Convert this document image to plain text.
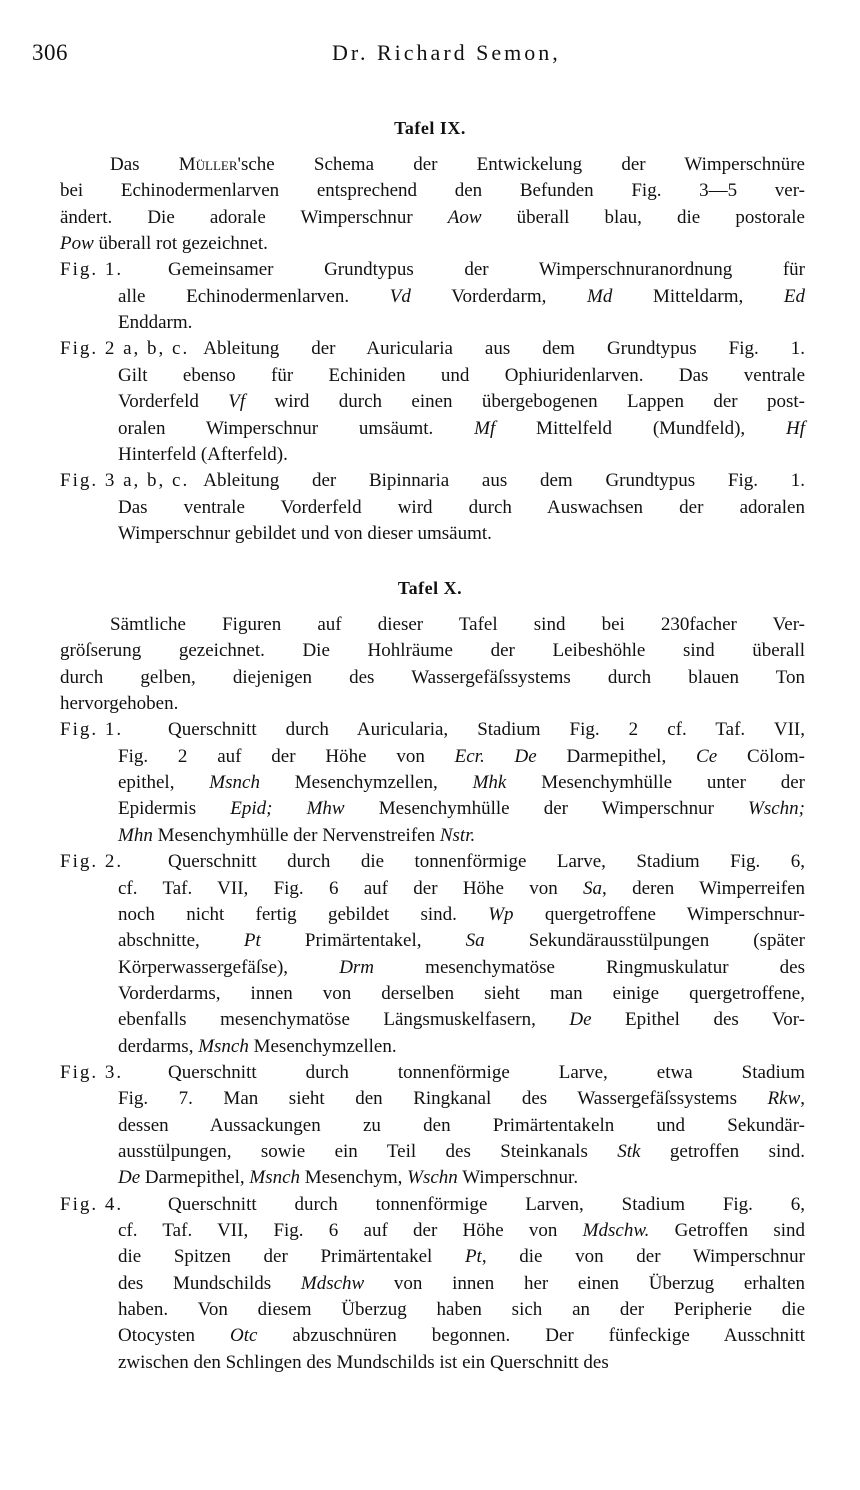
306	Dr. Richard Semon,
Tafel IX.
Das Müller'sche Schema der Entwickelung der Wimperschnüre
bei Echinodermenlarven entsprechend den Befunden Fig. 3—5 ver-
ändert. Die adorale Wimperschnur Aow überall blau, die postorale
Pow überall rot gezeichnet.
Fig. 1. Gemeinsamer Grundtypus der Wimperschnuranordnung für
alle Echinodermenlarven. Vd Vorderdarm, Md Mitteldarm, Ed
Enddarm.
Fig. 2 a, b, c. Ableitung der Auricularia aus dem Grundtypus Fig. 1.
Gilt ebenso für Echiniden und Ophiuridenlarven. Das ventrale
Vorderfeld Vf wird durch einen übergebogenen Lappen der post-
oralen Wimperschnur umsäumt. Mf Mittelfeld (Mundfeld), Hf
Hinterfeld (Afterfeld).
Fig. 3 a, b, c. Ableitung der Bipinnaria aus dem Grundtypus Fig. 1.
Das ventrale Vorderfeld wird durch Auswachsen der adoralen
Wimperschnur gebildet und von dieser umsäumt.
Tafel X.
Sämtliche Figuren auf dieser Tafel sind bei 230facher Ver-
gröſserung gezeichnet. Die Hohlräume der Leibeshöhle sind überall
durch gelben, diejenigen des Wassergefäſssystems durch blauen Ton
hervorgehoben.
Fig. 1. Querschnitt durch Auricularia, Stadium Fig. 2 cf. Taf. VII,
Fig. 2 auf der Höhe von Ecr. De Darmepithel, Ce Cölom-
epithel, Msnch Mesenchymzellen, Mhk Mesenchymhülle unter der
Epidermis Epid; Mhw Mesenchymhülle der Wimperschnur Wschn;
Mhn Mesenchymhülle der Nervenstreifen Nstr.
Fig. 2. Querschnitt durch die tonnenförmige Larve, Stadium Fig. 6,
cf. Taf. VII, Fig. 6 auf der Höhe von Sa, deren Wimperreifen
noch nicht fertig gebildet sind. Wp quergetroffene Wimperschnur-
abschnitte, Pt Primärtentakel, Sa Sekundärausstülpungen (später
Körperwassergefäſse), Drm mesenchymatöse Ringmuskulatur des
Vorderdarms, innen von derselben sieht man einige quergetroffene,
ebenfalls mesenchymatöse Längsmuskelfasern, De Epithel des Vor-
derdarms, Msnch Mesenchymzellen.
Fig. 3. Querschnitt durch tonnenförmige Larve, etwa Stadium
Fig. 7. Man sieht den Ringkanal des Wassergefäſssystems Rkw,
dessen Aussackungen zu den Primärtentakeln und Sekundär-
ausstülpungen, sowie ein Teil des Steinkanals Stk getroffen sind.
De Darmepithel, Msnch Mesenchym, Wschn Wimperschnur.
Fig. 4. Querschnitt durch tonnenförmige Larven, Stadium Fig. 6,
cf. Taf. VII, Fig. 6 auf der Höhe von Mdschw. Getroffen sind
die Spitzen der Primärtentakel Pt, die von der Wimperschnur
des Mundschilds Mdschw von innen her einen Überzug erhalten
haben. Von diesem Überzug haben sich an der Peripherie die
Otocysten Otc abzuschnüren begonnen. Der fünfeckige Ausschnitt
zwischen den Schlingen des Mundschilds ist ein Querschnitt des
